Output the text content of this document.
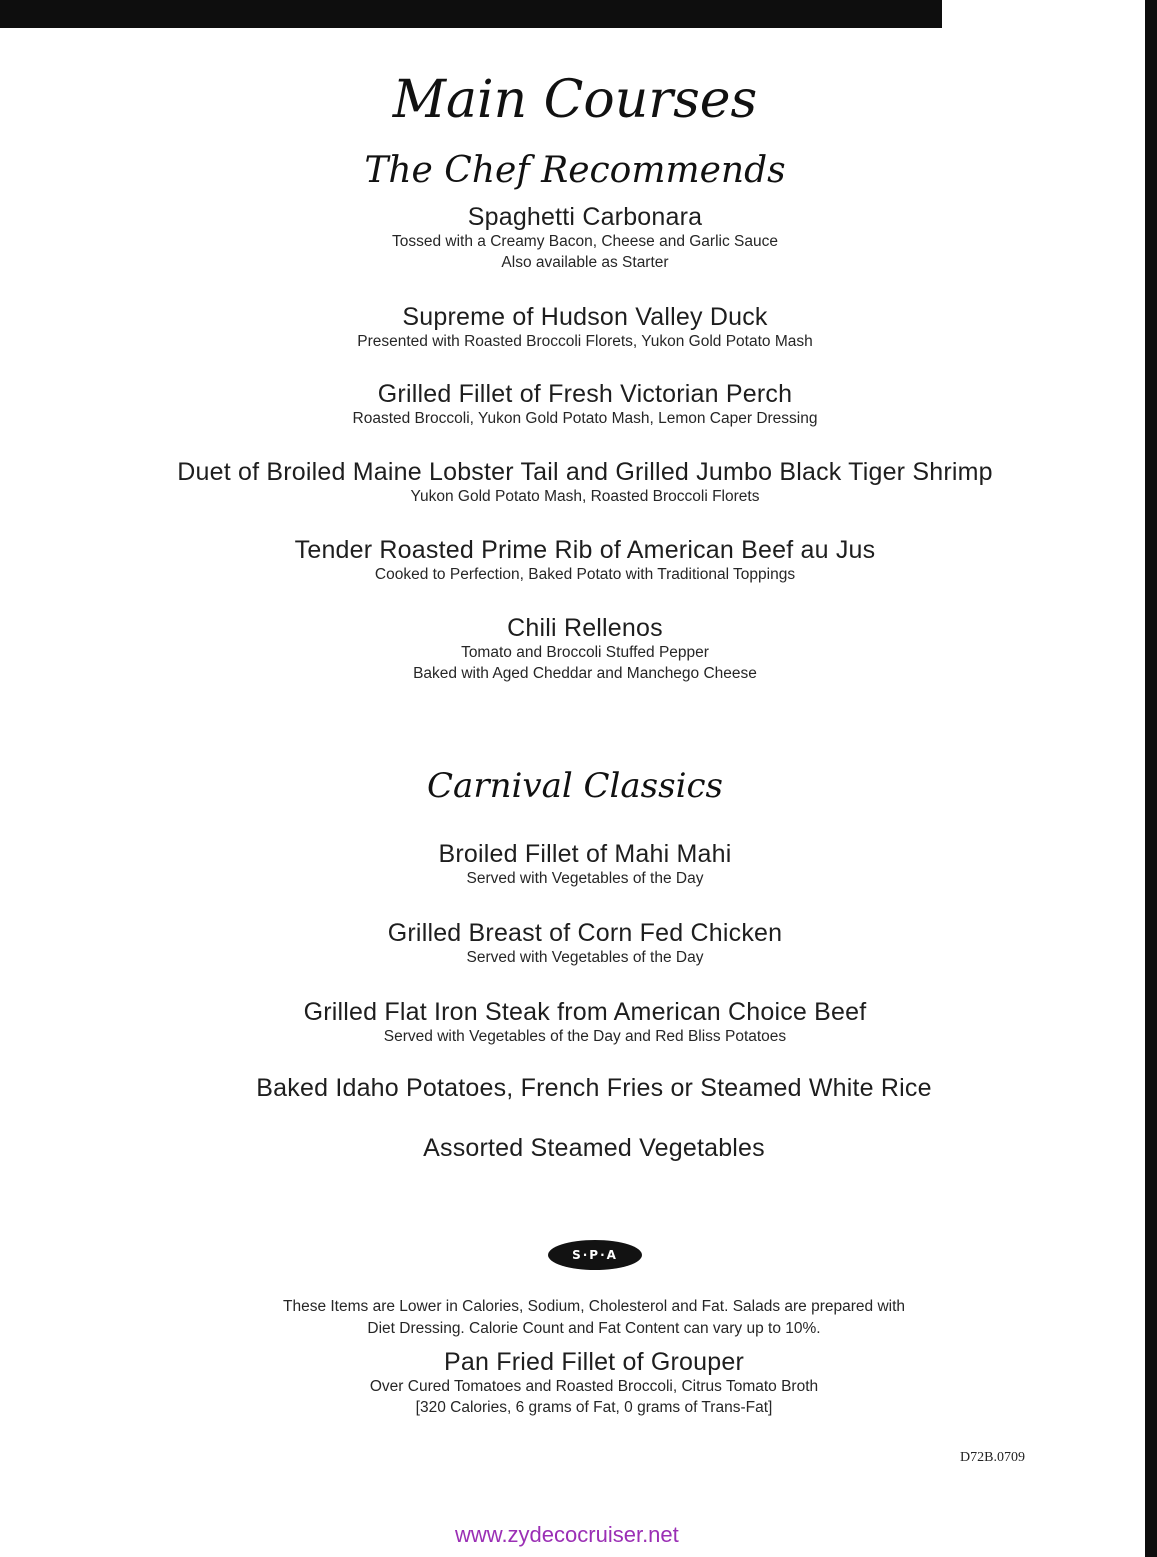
Main Courses
The Chef Recommends
Spaghetti Carbonara
Tossed with a Creamy Bacon, Cheese and Garlic Sauce
Also available as Starter
Supreme of Hudson Valley Duck
Presented with Roasted Broccoli Florets, Yukon Gold Potato Mash
Grilled Fillet of Fresh Victorian Perch
Roasted Broccoli, Yukon Gold Potato Mash, Lemon Caper Dressing
Duet of Broiled Maine Lobster Tail and Grilled Jumbo Black Tiger Shrimp
Yukon Gold Potato Mash, Roasted Broccoli Florets
Tender Roasted Prime Rib of American Beef au Jus
Cooked to Perfection, Baked Potato with Traditional Toppings
Chili Rellenos
Tomato and Broccoli Stuffed Pepper
Baked with Aged Cheddar and Manchego Cheese
Carnival Classics
Broiled Fillet of Mahi Mahi
Served with Vegetables of the Day
Grilled Breast of Corn Fed Chicken
Served with Vegetables of the Day
Grilled Flat Iron Steak from American Choice Beef
Served with Vegetables of the Day and Red Bliss Potatoes
Baked Idaho Potatoes, French Fries or Steamed White Rice
Assorted Steamed Vegetables
S·P·A
These Items are Lower in Calories, Sodium, Cholesterol and Fat. Salads are prepared with
Diet Dressing. Calorie Count and Fat Content can vary up to 10%.
Pan Fried Fillet of Grouper
Over Cured Tomatoes and Roasted Broccoli, Citrus Tomato Broth
[320 Calories, 6 grams of Fat, 0 grams of Trans-Fat]
D72B.0709
www.zydecocruiser.net
